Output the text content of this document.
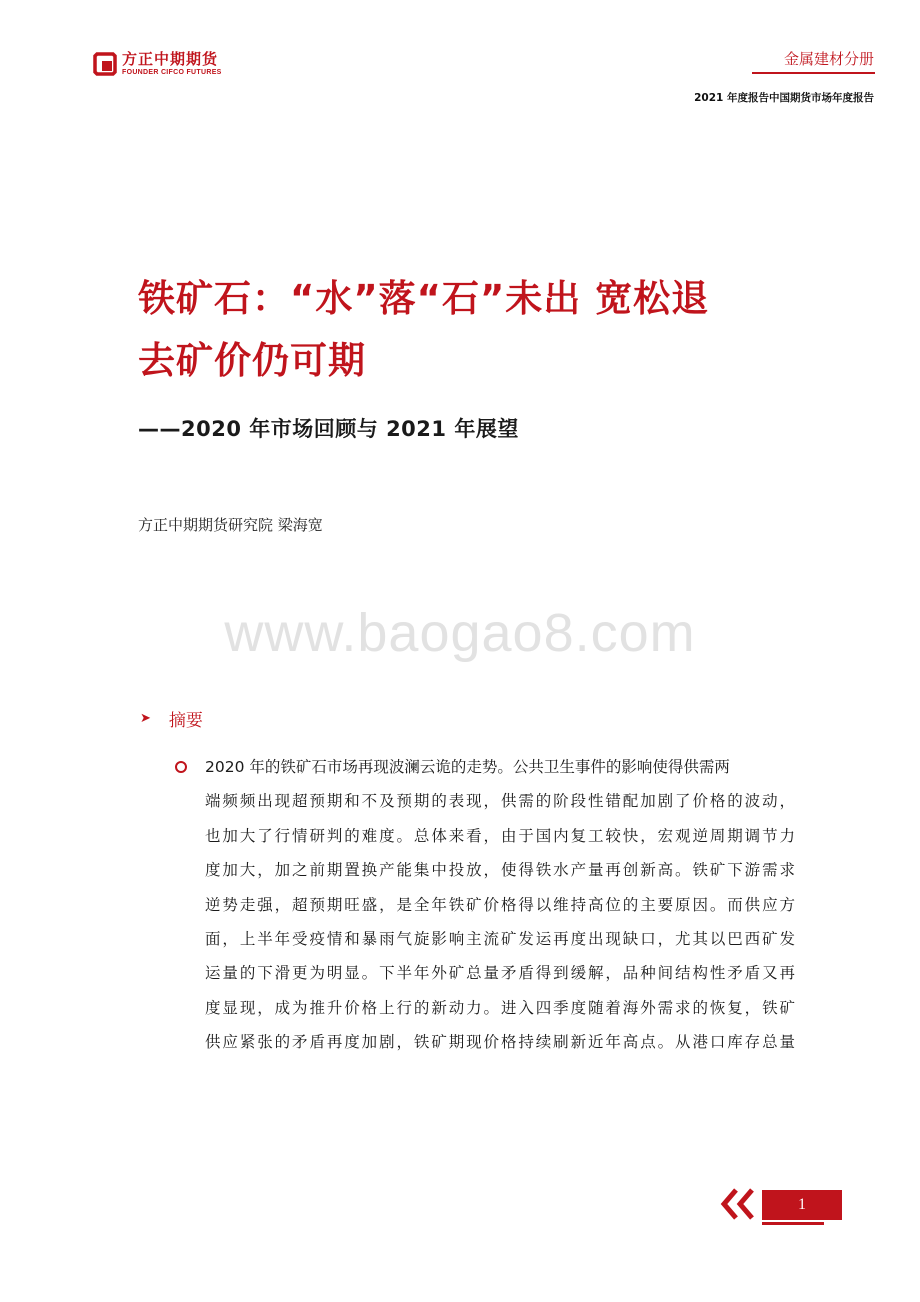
方正中期期货
FOUNDER CIFCO FUTURES
金属建材分册
2021 年度报告中国期货市场年度报告
铁矿石：“水”落“石”未出 宽松退
去矿价仍可期
——2020 年市场回顾与 2021 年展望
方正中期期货研究院 梁海宽
www.baogao8.com
➤ 摘要
2020 年的铁矿石市场再现波澜云诡的走势。公共卫生事件的影响使得供需两
端频频出现超预期和不及预期的表现，供需的阶段性错配加剧了价格的波动，
也加大了行情研判的难度。总体来看，由于国内复工较快，宏观逆周期调节力
度加大，加之前期置换产能集中投放，使得铁水产量再创新高。铁矿下游需求
逆势走强，超预期旺盛，是全年铁矿价格得以维持高位的主要原因。而供应方
面，上半年受疫情和暴雨气旋影响主流矿发运再度出现缺口，尤其以巴西矿发
运量的下滑更为明显。下半年外矿总量矛盾得到缓解，品种间结构性矛盾又再
度显现，成为推升价格上行的新动力。进入四季度随着海外需求的恢复，铁矿
供应紧张的矛盾再度加剧，铁矿期现价格持续刷新近年高点。从港口库存总量
1
